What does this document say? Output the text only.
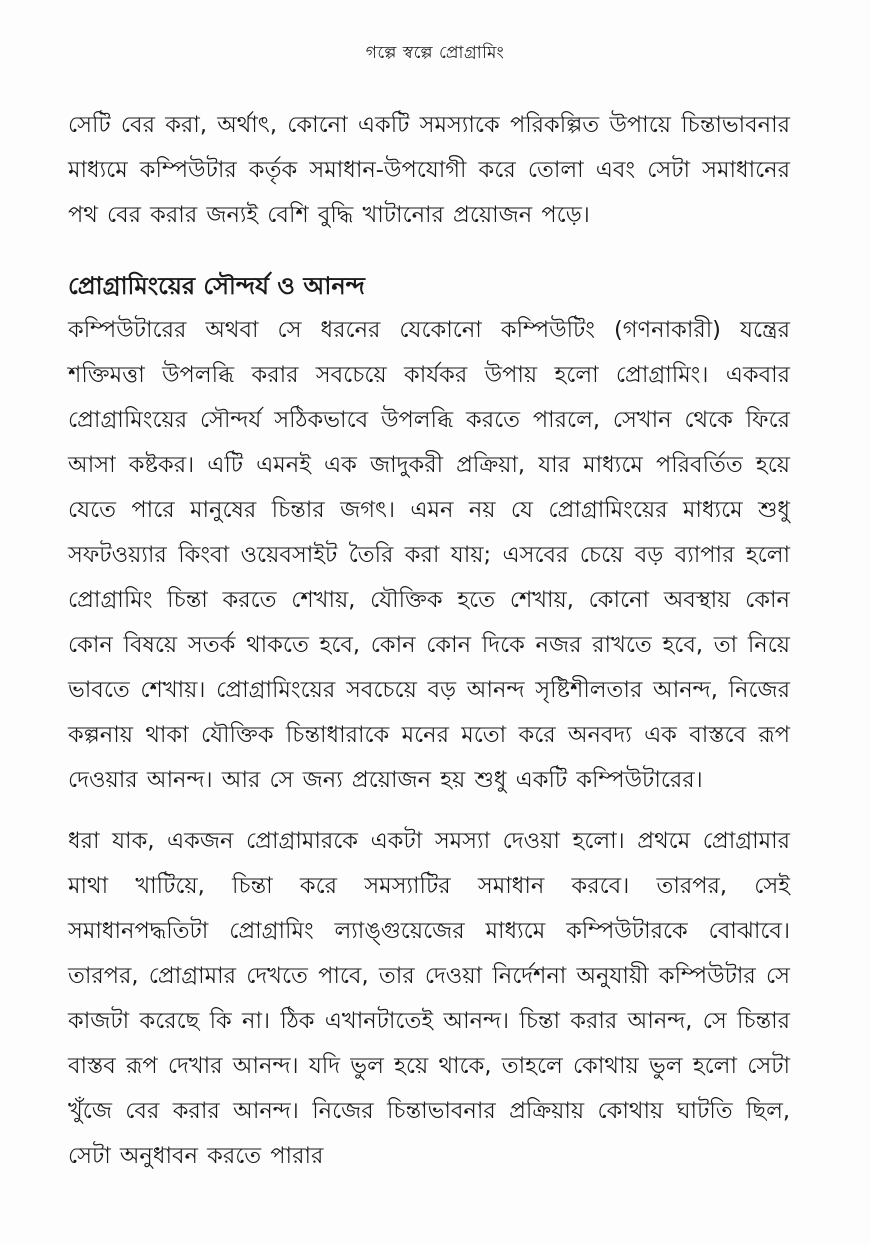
গল্পে স্বল্পে প্রোগ্রামিং

সেটি বের করা, অর্থাৎ, কোনো একটি সমস্যাকে পরিকল্পিত উপায়ে চিন্তাভাবনার মাধ্যমে কম্পিউটার কর্তৃক সমাধান-উপযোগী করে তোলা এবং সেটা সমাধানের পথ বের করার জন্যই বেশি বুদ্ধি খাটানোর প্রয়োজন পড়ে।

প্রোগ্রামিংয়ের সৌন্দর্য ও আনন্দ

কম্পিউটারের অথবা সে ধরনের যেকোনো কম্পিউটিং (গণনাকারী) যন্ত্রের শক্তিমত্তা উপলব্ধি করার সবচেয়ে কার্যকর উপায় হলো প্রোগ্রামিং। একবার প্রোগ্রামিংয়ের সৌন্দর্য সঠিকভাবে উপলব্ধি করতে পারলে, সেখান থেকে ফিরে আসা কষ্টকর। এটি এমনই এক জাদুকরী প্রক্রিয়া, যার মাধ্যমে পরিবর্তিত হয়ে যেতে পারে মানুষের চিন্তার জগৎ। এমন নয় যে প্রোগ্রামিংয়ের মাধ্যমে শুধু সফটওয়্যার কিংবা ওয়েবসাইট তৈরি করা যায়; এসবের চেয়ে বড় ব্যাপার হলো প্রোগ্রামিং চিন্তা করতে শেখায়, যৌক্তিক হতে শেখায়, কোনো অবস্থায় কোন কোন বিষয়ে সতর্ক থাকতে হবে, কোন কোন দিকে নজর রাখতে হবে, তা নিয়ে ভাবতে শেখায়। প্রোগ্রামিংয়ের সবচেয়ে বড় আনন্দ সৃষ্টিশীলতার আনন্দ, নিজের কল্পনায় থাকা যৌক্তিক চিন্তাধারাকে মনের মতো করে অনবদ্য এক বাস্তবে রূপ দেওয়ার আনন্দ। আর সে জন্য প্রয়োজন হয় শুধু একটি কম্পিউটারের।

ধরা যাক, একজন প্রোগ্রামারকে একটা সমস্যা দেওয়া হলো। প্রথমে প্রোগ্রামার মাথা খাটিয়ে, চিন্তা করে সমস্যাটির সমাধান করবে। তারপর, সেই সমাধানপদ্ধতিটা প্রোগ্রামিং ল্যাঙ্গুয়েজের মাধ্যমে কম্পিউটারকে বোঝাবে। তারপর, প্রোগ্রামার দেখতে পাবে, তার দেওয়া নির্দেশনা অনুযায়ী কম্পিউটার সে কাজটা করেছে কি না। ঠিক এখানটাতেই আনন্দ। চিন্তা করার আনন্দ, সে চিন্তার বাস্তব রূপ দেখার আনন্দ। যদি ভুল হয়ে থাকে, তাহলে কোথায় ভুল হলো সেটা খুঁজে বের করার আনন্দ। নিজের চিন্তাভাবনার প্রক্রিয়ায় কোথায় ঘাটতি ছিল, সেটা অনুধাবন করতে পারার
